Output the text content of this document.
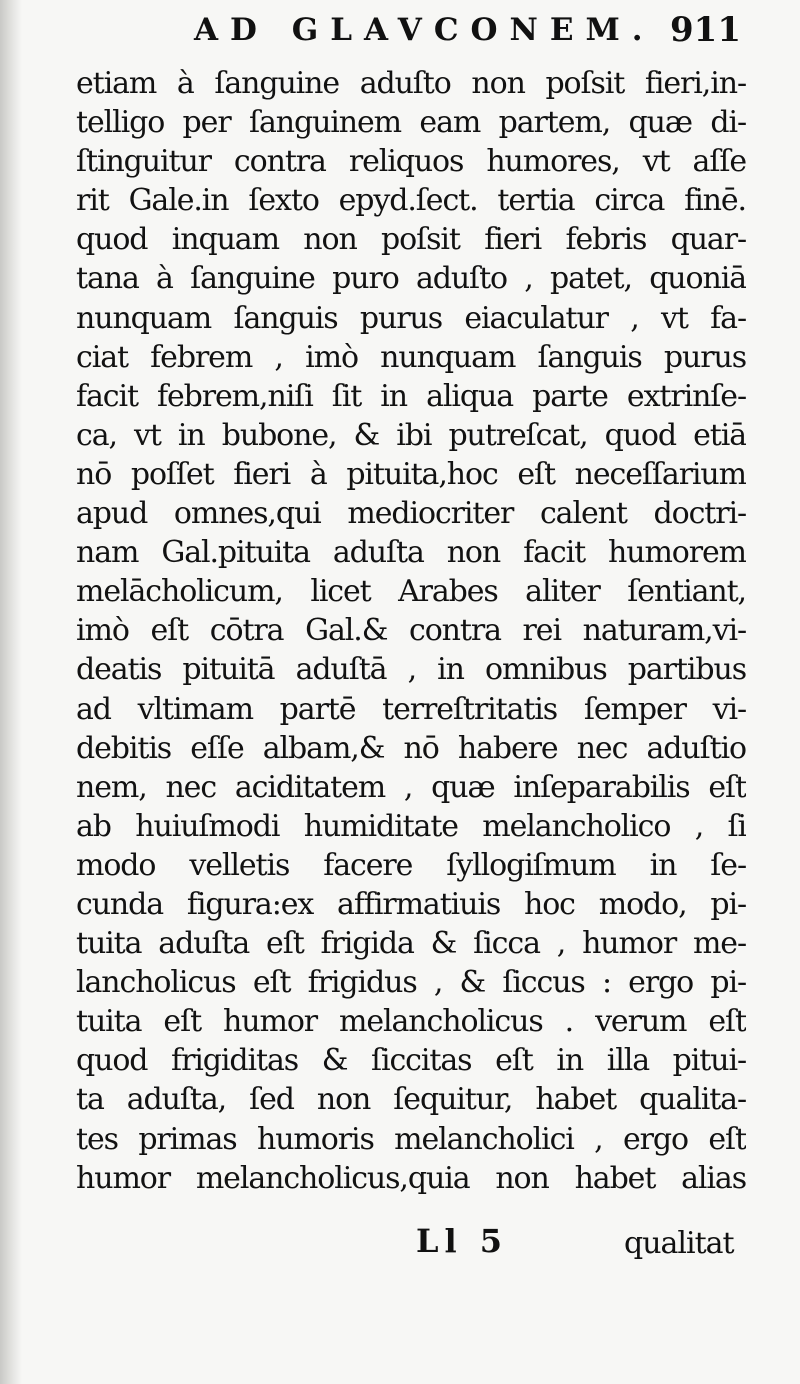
AD GLAVCONEM. 911
etiam à ſanguine aduſto non poſsit fieri,in-
telligo per ſanguinem eam partem, quæ di-
ſtinguitur contra reliquos humores, vt aſſe
rit Gale.in ſexto epyd.ſect. tertia circa finē.
quod inquam non poſsit fieri febris quar-
tana à ſanguine puro aduſto , patet, quoniā
nunquam ſanguis purus eiaculatur , vt fa-
ciat febrem , imò nunquam ſanguis purus
facit febrem,niſi ſit in aliqua parte extrinſe-
ca, vt in bubone, & ibi putreſcat, quod etiā
nō poſſet fieri à pituita,hoc eſt neceſſarium
apud omnes,qui mediocriter calent doctri-
nam Gal.pituita aduſta non facit humorem
melācholicum, licet Arabes aliter ſentiant,
imò eſt cōtra Gal.& contra rei naturam,vi-
deatis pituitā aduſtā , in omnibus partibus
ad vltimam partē terreſtritatis ſemper vi-
debitis eſſe albam,& nō habere nec aduſtio
nem, nec aciditatem , quæ inſeparabilis eſt
ab huiuſmodi humiditate melancholico , ſi
modo velletis facere ſyllogiſmum in ſe-
cunda figura:ex affirmatiuis hoc modo, pi-
tuita aduſta eſt frigida & ſicca , humor me-
lancholicus eſt frigidus , & ſiccus : ergo pi-
tuita eſt humor melancholicus . verum eſt
quod frigiditas & ſiccitas eſt in illa pitui-
ta aduſta, ſed non ſequitur, habet qualita-
tes primas humoris melancholici , ergo eſt
humor melancholicus,quia non habet alias
Ll 5	qualitat
